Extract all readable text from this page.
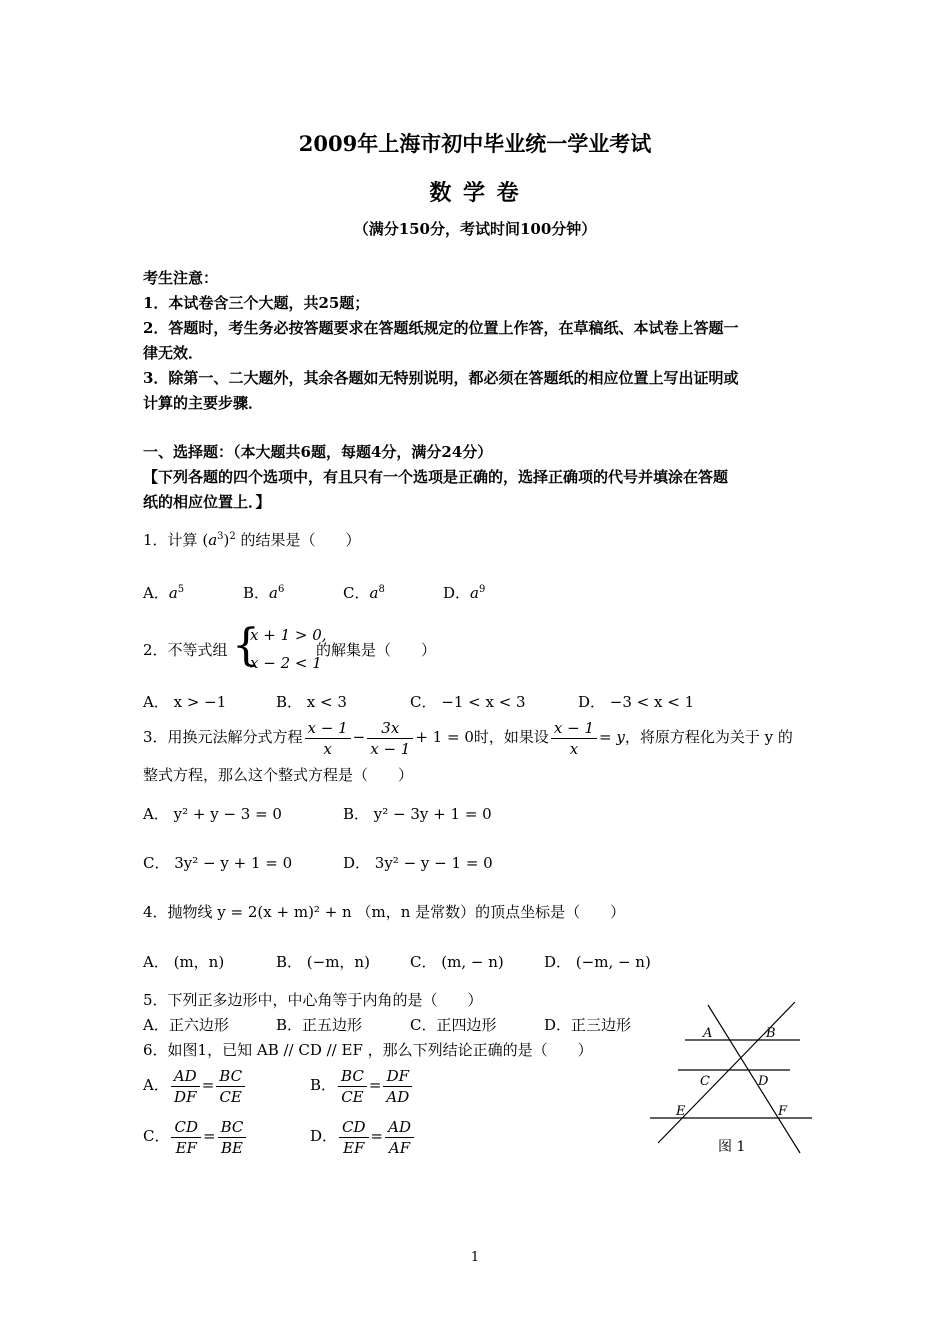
2009年上海市初中毕业统一学业考试
数 学 卷
（满分150分，考试时间100分钟）
考生注意：
1．本试卷含三个大题，共25题；
2．答题时，考生务必按答题要求在答题纸规定的位置上作答，在草稿纸、本试卷上答题一
律无效．
3．除第一、二大题外，其余各题如无特别说明，都必须在答题纸的相应位置上写出证明或
计算的主要步骤．
一、选择题：（本大题共6题，每题4分，满分24分）
【下列各题的四个选项中，有且只有一个选项是正确的，选择正确项的代号并填涂在答题
纸的相应位置上．】
1．计算 $(a^3)^2$ 的结果是（　　）
A．$a^5$	B．$a^6$	C．$a^8$	D．$a^9$
2．不等式组 {
x + 1 > 0,
x − 2 < 1
的解集是（　　）
A． x > −1	B． x < 3	C． −1 < x < 3	D． −3 < x < 1
3．用换元法解分式方程 $\frac{x - 1}{x} - \frac{3x}{x - 1} + 1 = 0$时，如果设 $\frac{x - 1}{x} = y$，将原方程化为关于 y 的
整式方程，那么这个整式方程是（　　）
A． y² + y − 3 = 0	B． y² − 3y + 1 = 0
C． 3y² − y + 1 = 0	D． 3y² − y − 1 = 0
4．抛物线 y = 2(x + m)² + n （m，n 是常数）的顶点坐标是（　　）
A． (m，n)	B． (−m，n)	C． (m, − n)	D． (−m, − n)
5．下列正多边形中，中心角等于内角的是（　　）
A．正六边形	B．正五边形	C．正四边形	D．正三边形
6．如图1，已知 AB // CD // EF ，那么下列结论正确的是（　　）
A． $\frac{AD}{DF} = \frac{BC}{CE}$	B． $\frac{BC}{CE} = \frac{DF}{AD}$
C． $\frac{CD}{EF} = \frac{BC}{BE}$	D． $\frac{CD}{EF} = \frac{AD}{AF}$
A	B
C	D
E	F
图 1
1
